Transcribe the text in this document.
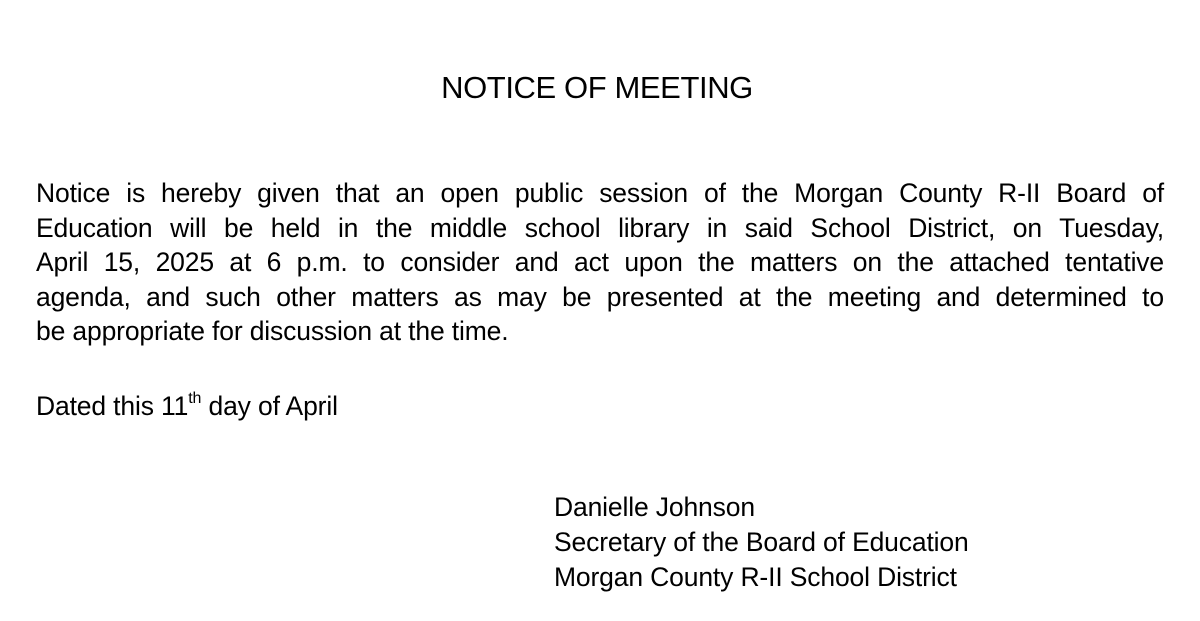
NOTICE OF MEETING

Notice is hereby given that an open public session of the Morgan County R-II Board of
Education will be held in the middle school library in said School District, on Tuesday,
April 15, 2025 at 6 p.m. to consider and act upon the matters on the attached tentative
agenda, and such other matters as may be presented at the meeting and determined to
be appropriate for discussion at the time.

Dated this 11th day of April
Danielle Johnson
Secretary of the Board of Education
Morgan County R-II School District
